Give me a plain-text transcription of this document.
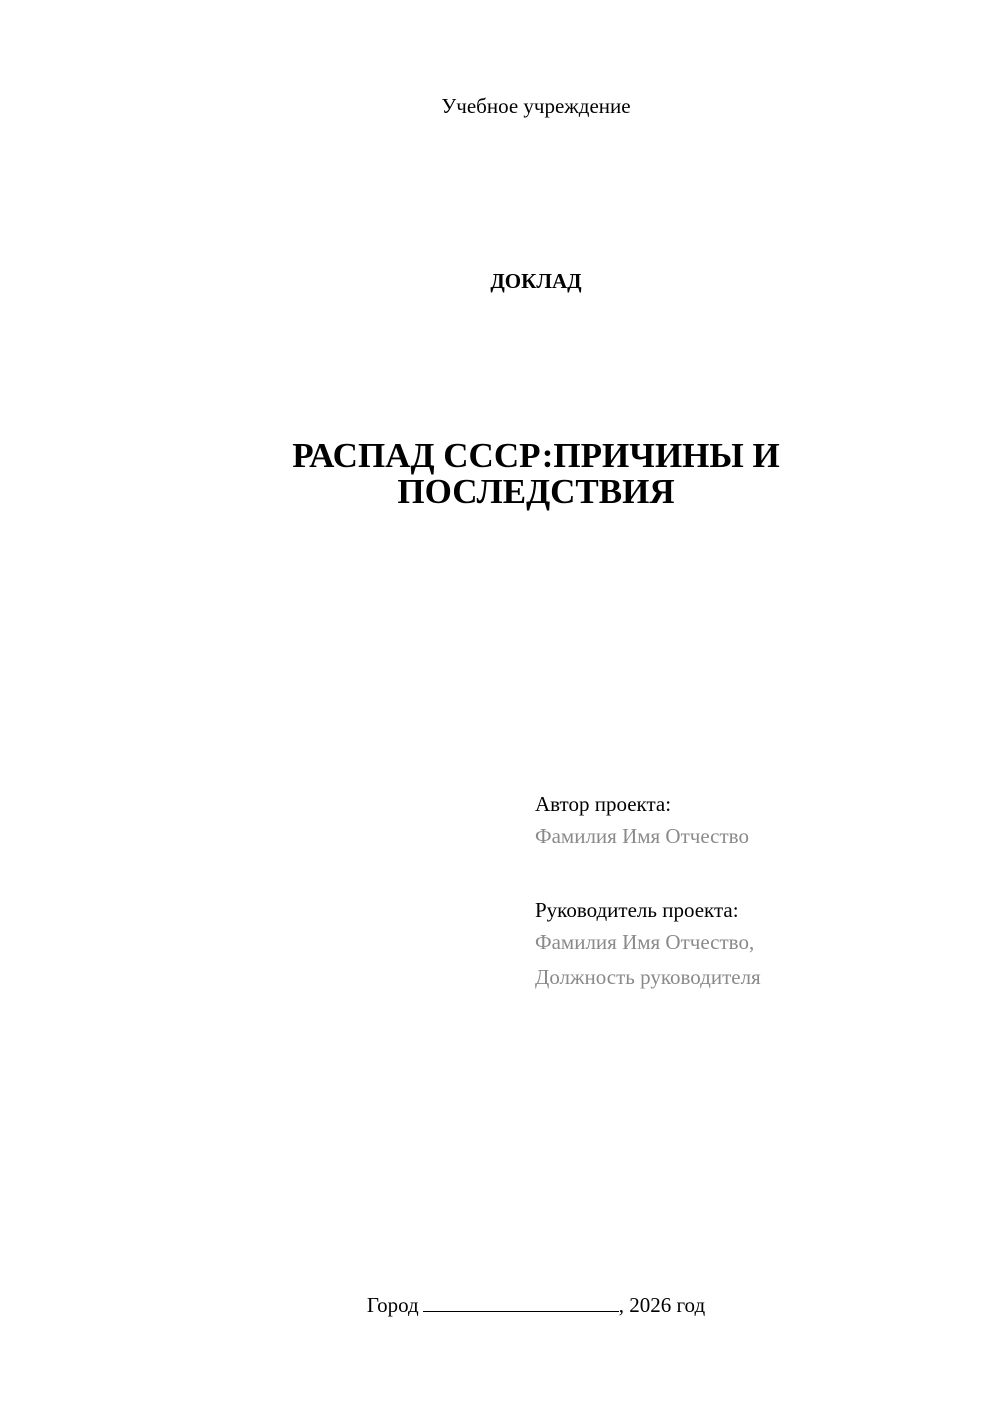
Учебное учреждение
ДОКЛАД
РАСПАД СССР:ПРИЧИНЫ И
ПОСЛЕДСТВИЯ
Автор проекта:
Фамилия Имя Отчество
Руководитель проекта:
Фамилия Имя Отчество,
Должность руководителя
Город	, 2026 год
